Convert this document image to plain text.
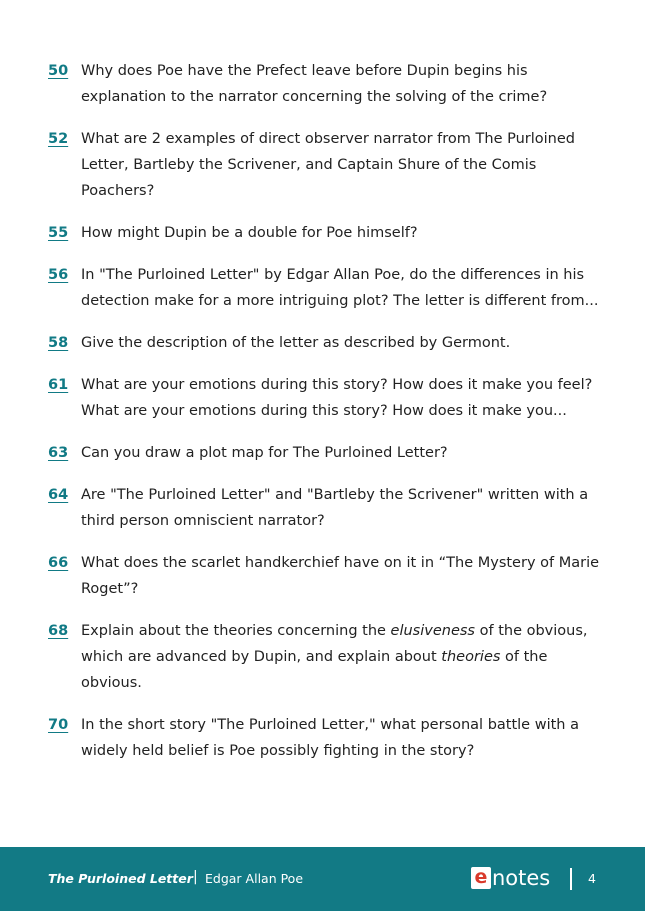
50 Why does Poe have the Prefect leave before Dupin begins his explanation to the narrator concerning the solving of the crime?
52 What are 2 examples of direct observer narrator from The Purloined Letter, Bartleby the Scrivener, and Captain Shure of the Comis Poachers?
55 How might Dupin be a double for Poe himself?
56 In "The Purloined Letter" by Edgar Allan Poe, do the differences in his detection make for a more intriguing plot? The letter is different from...
58 Give the description of the letter as described by Germont.
61 What are your emotions during this story? How does it make you feel? What are your emotions during this story? How does it make you...
63 Can you draw a plot map for The Purloined Letter?
64 Are "The Purloined Letter" and "Bartleby the Scrivener" written with a third person omniscient narrator?
66 What does the scarlet handkerchief have on it in “The Mystery of Marie Roget”?
68 Explain about the theories concerning the elusiveness of the obvious, which are advanced by Dupin, and explain about theories of the obvious.
70 In the short story "The Purloined Letter," what personal battle with a widely held belief is Poe possibly fighting in the story?
The Purloined Letter | Edgar Allan Poe	e notes	4
